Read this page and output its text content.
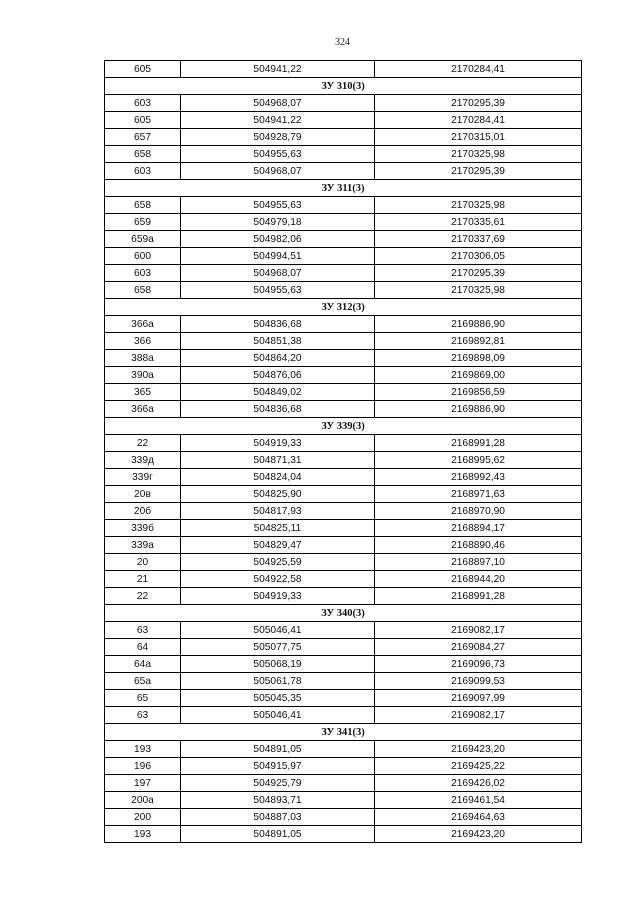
324
605	504941,22	2170284,41
ЗУ 310(3)		
603	504968,07	2170295,39
605	504941,22	2170284,41
657	504928,79	2170315,01
658	504955,63	2170325,98
603	504968,07	2170295,39
ЗУ 311(3)		
658	504955,63	2170325,98
659	504979,18	2170335,61
659а	504982,06	2170337,69
600	504994,51	2170306,05
603	504968,07	2170295,39
658	504955,63	2170325,98
ЗУ 312(3)		
366а	504836,68	2169886,90
366	504851,38	2169892,81
388а	504864,20	2169898,09
390а	504876,06	2169869,00
365	504849,02	2169856,59
366а	504836,68	2169886,90
ЗУ 339(3)		
22	504919,33	2168991,28
339д	504871,31	2168995,62
339г	504824,04	2168992,43
20в	504825,90	2168971,63
20б	504817,93	2168970,90
339б	504825,11	2168894,17
339а	504829,47	2168890,46
20	504925,59	2168897,10
21	504922,58	2168944,20
22	504919,33	2168991,28
ЗУ 340(3)		
63	505046,41	2169082,17
64	505077,75	2169084,27
64а	505068,19	2169096,73
65а	505061,78	2169099,53
65	505045,35	2169097,99
63	505046,41	2169082,17
ЗУ 341(3)		
193	504891,05	2169423,20
196	504915,97	2169425,22
197	504925,79	2169426,02
200а	504893,71	2169461,54
200	504887,03	2169464,63
193	504891,05	2169423,20
